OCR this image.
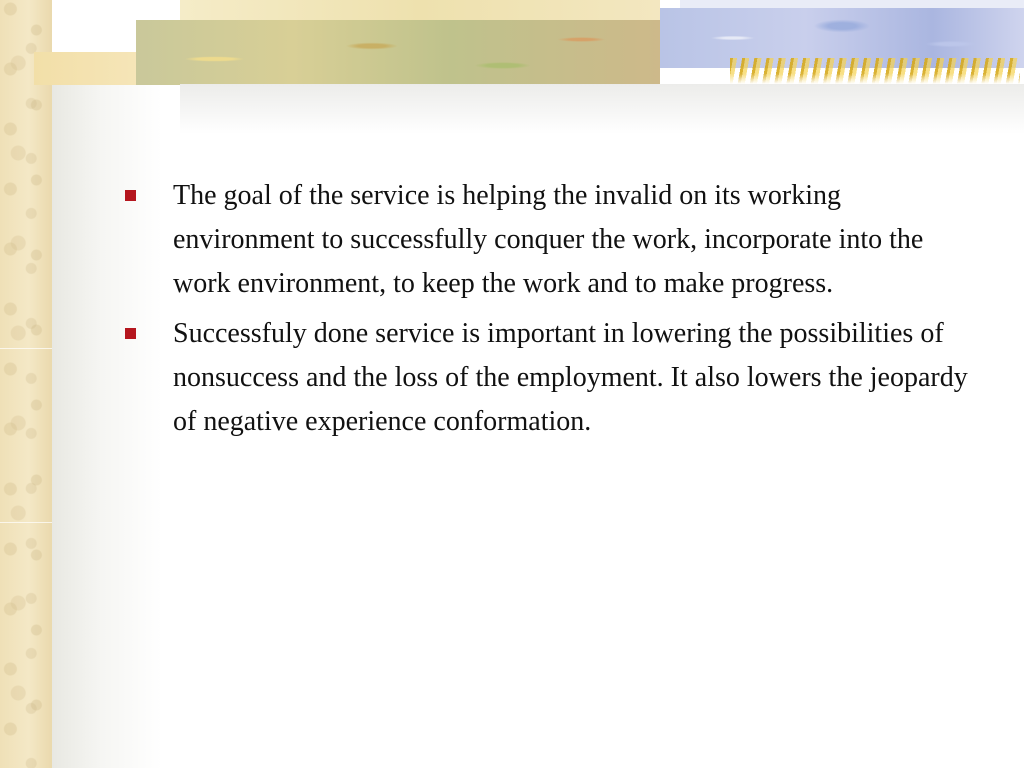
The goal of the service is helping the invalid on its working environment to successfully conquer the work, incorporate into the work environment, to keep the work and to make progress.
Successfuly done service is important in lowering the possibilities of nonsuccess and the loss of the employment. It also lowers the jeopardy of negative experience conformation.
